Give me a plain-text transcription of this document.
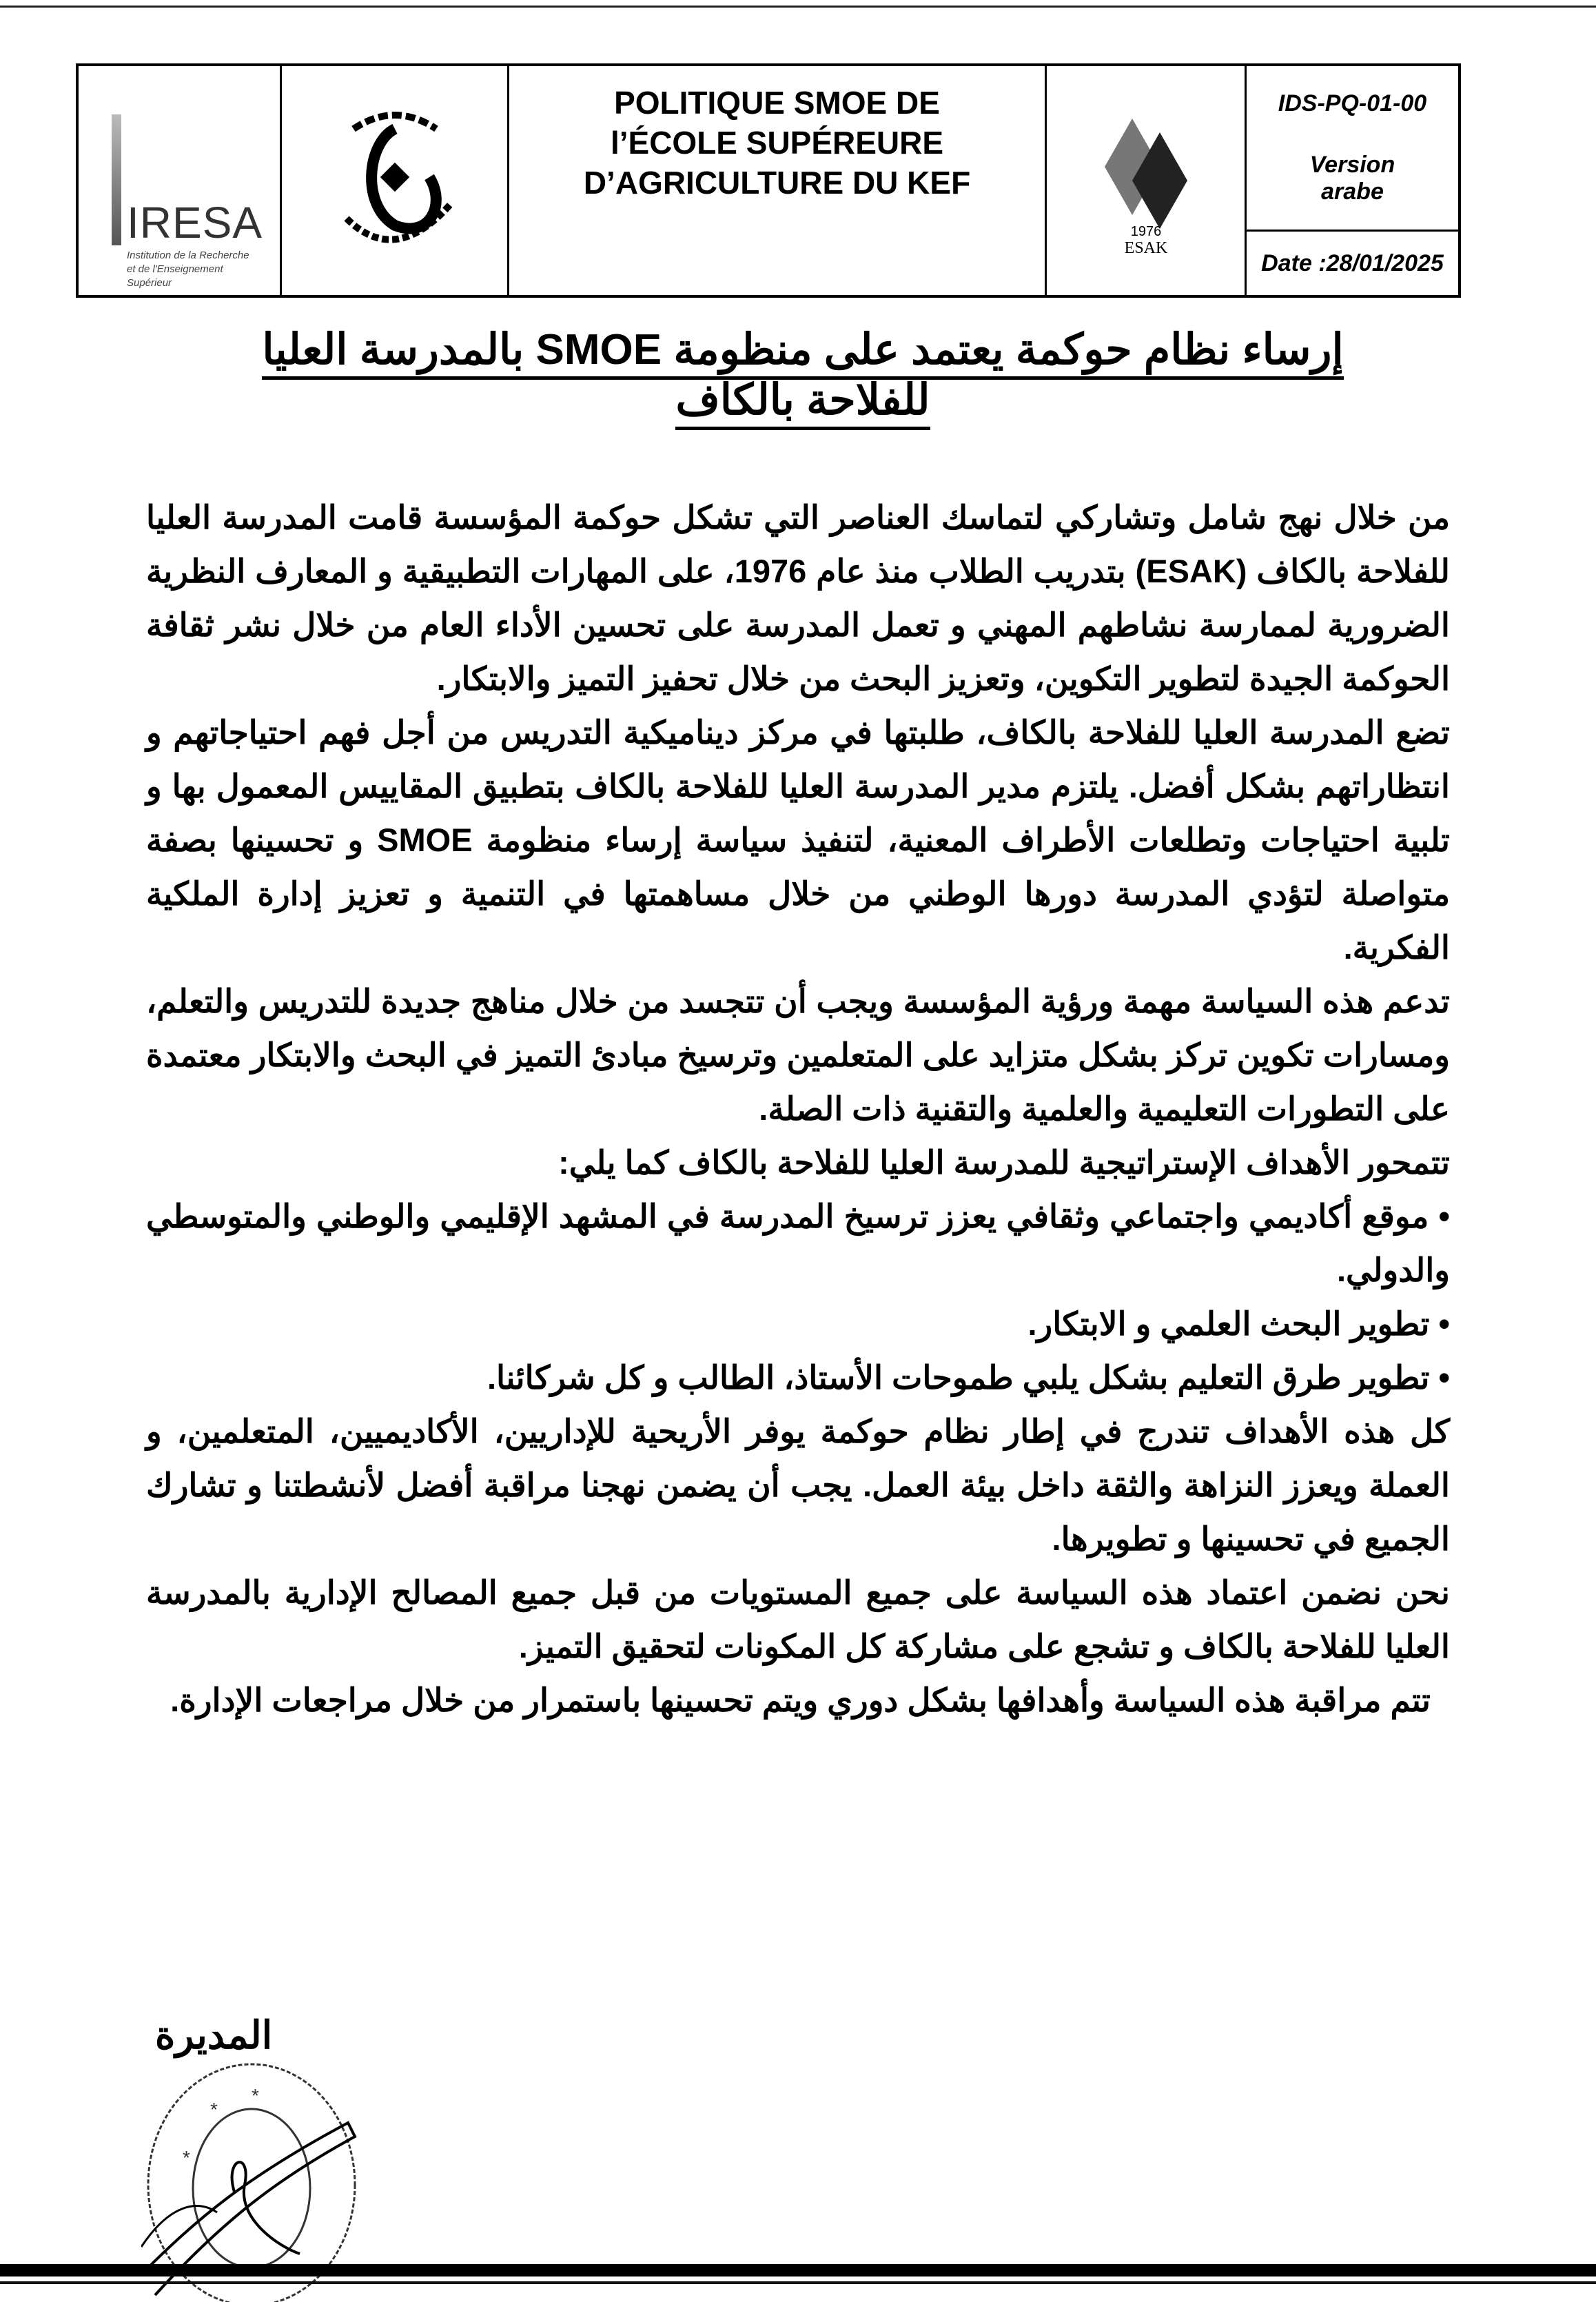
IRESA
Institution de la Recherche et de l'Enseignement Supérieur
POLITIQUE SMOE DE
l’ÉCOLE SUPÉREURE
D’AGRICULTURE DU KEF
1976
ESAK
IDS-PQ-01-00
Version
arabe
Date :28/01/2025
إرساء نظام حوكمة يعتمد على منظومة SMOE بالمدرسة العليا للفلاحة بالكاف

من خلال نهج شامل وتشاركي لتماسك العناصر التي تشكل حوكمة المؤسسة قامت المدرسة العليا للفلاحة بالكاف (ESAK) بتدريب الطلاب منذ عام 1976، على المهارات التطبيقية و المعارف النظرية الضرورية لممارسة نشاطهم المهني و تعمل المدرسة على تحسين الأداء العام من خلال نشر ثقافة الحوكمة الجيدة لتطوير التكوين، وتعزيز البحث من خلال تحفيز التميز والابتكار.

تضع المدرسة العليا للفلاحة بالكاف، طلبتها في مركز ديناميكية التدريس من أجل فهم احتياجاتهم و انتظاراتهم بشكل أفضل. يلتزم مدير المدرسة العليا للفلاحة بالكاف بتطبيق المقاييس المعمول بها و تلبية احتياجات وتطلعات الأطراف المعنية، لتنفيذ سياسة إرساء منظومة SMOE و تحسينها بصفة متواصلة لتؤدي المدرسة دورها الوطني من خلال مساهمتها في التنمية و تعزيز إدارة الملكية الفكرية.

تدعم هذه السياسة مهمة ورؤية المؤسسة ويجب أن تتجسد من خلال مناهج جديدة للتدريس والتعلم، ومسارات تكوين تركز بشكل متزايد على المتعلمين وترسيخ مبادئ التميز في البحث والابتكار معتمدة على التطورات التعليمية والعلمية والتقنية ذات الصلة.

تتمحور الأهداف الإستراتيجية للمدرسة العليا للفلاحة بالكاف كما يلي:

• موقع أكاديمي واجتماعي وثقافي يعزز ترسيخ المدرسة في المشهد الإقليمي والوطني والمتوسطي والدولي.
• تطوير البحث العلمي و الابتكار.
• تطوير طرق التعليم بشكل يلبي طموحات الأستاذ، الطالب و كل شركائنا.

كل هذه الأهداف تندرج في إطار نظام حوكمة يوفر الأريحية للإداريين، الأكاديميين، المتعلمين، و العملة ويعزز النزاهة والثقة داخل بيئة العمل. يجب أن يضمن نهجنا مراقبة أفضل لأنشطتنا و تشارك الجميع في تحسينها و تطويرها.

نحن نضمن اعتماد هذه السياسة على جميع المستويات من قبل جميع المصالح الإدارية بالمدرسة العليا للفلاحة بالكاف و تشجع على مشاركة كل المكونات لتحقيق التميز.

تتم مراقبة هذه السياسة وأهدافها بشكل دوري ويتم تحسينها باستمرار من خلال مراجعات الإدارة.

المديرة
*
*
*
